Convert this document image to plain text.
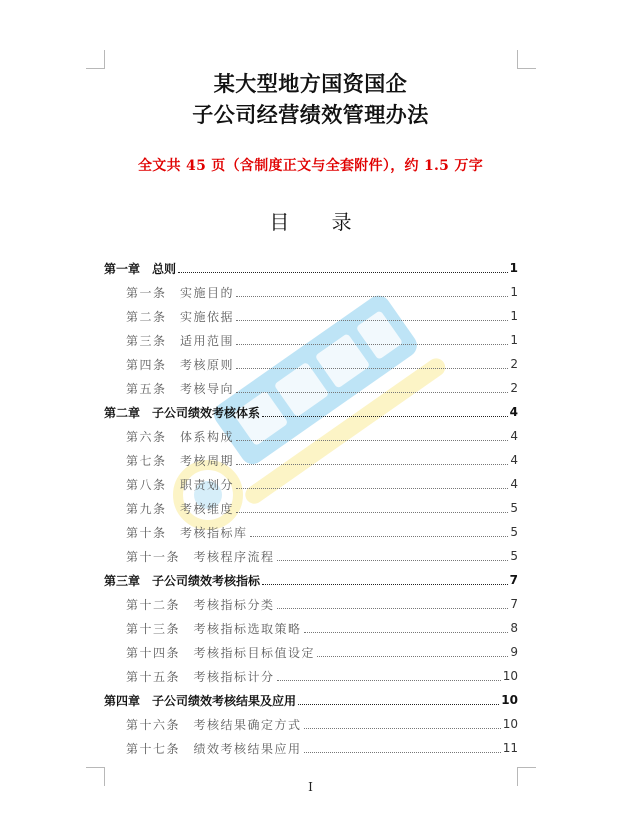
某大型地方国资国企
子公司经营绩效管理办法
全文共 45 页（含制度正文与全套附件），约 1.5 万字
目 录
第一章　总则	1
第一条　实施目的	1
第二条　实施依据	1
第三条　适用范围	1
第四条　考核原则	2
第五条　考核导向	2
第二章　子公司绩效考核体系	4
第六条　体系构成	4
第七条　考核周期	4
第八条　职责划分	4
第九条　考核维度	5
第十条　考核指标库	5
第十一条　考核程序流程	5
第三章　子公司绩效考核指标	7
第十二条　考核指标分类	7
第十三条　考核指标选取策略	8
第十四条　考核指标目标值设定	9
第十五条　考核指标计分	10
第四章　子公司绩效考核结果及应用	10
第十六条　考核结果确定方式	10
第十七条　绩效考核结果应用	11
I
